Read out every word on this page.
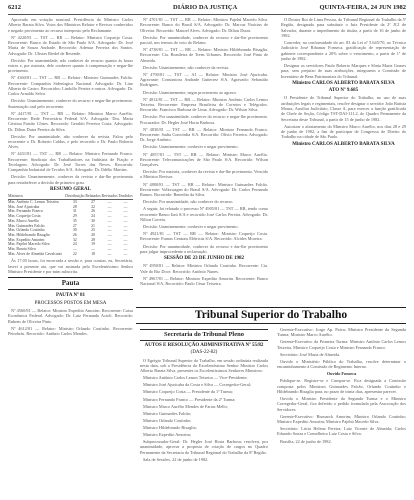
6212	DIÁRIO DA JUSTIÇA	QUINTA-FEIRA, 24 JUN 1982

Aprovado em votação nominal. Presidência do Ministro Carlos Alberto Barata Silva. Votos dos Ministros Relator e Revisor conhecidos e negado provimento ao recurso interposto pelo Reclamante.

Nº 4220/81 — TST — RR — Relator: Ministro Coqueijo Costa. Recorrente: Banco do Estado de São Paulo S/A. Advogado: Dr. José Maria de Souza Andrade. Recorrido: Ademar Ferreira dos Santos. Advogado: Dr. Ulisses Riedel de Resende.

Decisão: Por unanimidade, não conhecer do recurso quanto às horas extras e, por maioria, dele conhecer quanto à compensação e negar-lhe provimento.

Nº 4360/81 — TST — RR — Relator: Ministro Guimarães Falcão. Recorrente: Companhia Siderúrgica Nacional. Advogado: Dr. Lino Alberto de Castro. Recorridos: Lindolfo Pereira e outros. Advogado: Dr. Carlos Arnaldo Selva.

Decisão: Unanimemente, conhecer do recurso e negar-lhe provimento. Sustentação oral pelo recorrente.

Nº 4417/81 — TST — RR — Relator: Ministro Marco Aurélio. Recorrente: Rede Ferroviária Federal S/A. Advogada: Dra. Maria Cristina Paixão Côrtes. Recorrido: Geraldo Ferreira Costa. Advogado: Dr. Dilton Dutra Pereira da Silva.

Decisão: Por unanimidade, não conhecer da revista. Falou pelo recorrente o Dr. Roberto Caldas, e pelo recorrido o Dr. Paulo Roberto Alves.

Nº 4431/81 — TST — RR — Relator: Ministro Fernando Franco. Recorrente: Sindicato dos Trabalhadores na Indústria de Fiação e Tecelagem. Advogado: Dr. José Torres das Neves. Recorrida: Companhia Industrial de Tecidos S/A. Advogado: Dr. Ildélio Martins.

Decisão: Unanimemente, conhecer da revista e dar-lhe provimento para restabelecer a decisão de primeiro grau.

RESUMO GERAL
Ministros	Distribuição	Relatados	Revisados	Tendidos
Min. Antônio C. Lemos Teixeira	33	27	—	—
Min. José Ajuricaba	28	22	—	—
Min. Fernando Franco	31	26	—	—
Min. Coqueijo Costa	29	24	—	—
Min. Marco Aurélio	35	30	—	—
Min. Guimarães Falcão	27	21	—	—
Min. Orlando Coutinho	30	25	—	—
Min. Hildebrando Bisaglia	26	20	—	—
Min. Expedito Amorim	32	28	—	—
Min. Pajehú Macedo Silva	24	19	—	—
Min. Barata Silva	—	—	—	—
Min. Alves de Almeida Cavalcanti	22	18	—	—

Às 17:05 horas, foi encerrada a sessão e, para constar, eu, Secretária, lavrei a presente ata, que vai assinada pelo Excelentíssimo Senhor Ministro Presidente e por mim subscrita.

Pauta
PAUTA Nº 81
PROCESSOS POSTOS EM MESA

Nº 4560/81 — Relator: Ministro Expedito Amorim. Recorrente: Caixa Econômica Federal. Advogado: Dr. Luiz Fernando Acioli. Recorrido: Rubens de Oliveira Pinto.

Nº 4612/81 — Relator: Ministro Orlando Coutinho. Recorrente: Petrobrás. Recorrido: Antônio Carlos Mendes.

Nº 4701/81 — TST — RR — Relator: Ministro Pajehú Macedo Silva. Recorrente: Banco do Brasil S/A. Advogado: Dr. Marcus Vinícius de Oliveira. Recorrido: Manoel Alves. Advogado: Dr. Dilton Dutra.

Decisão: Por unanimidade, conhecer do recurso e dar-lhe provimento parcial, nos termos do voto do Relator.

Nº 4738/81 — TST — RR — Relator: Ministro Hildebrando Bisaglia. Recorrente: Cia. Brasileira de Trens Urbanos. Recorrido: José Pinto de Almeida.

Decisão: Unanimemente, não conhecer da revista.

Nº 4790/81 — TST — AI — Relator: Ministro José Ajuricaba. Agravante: Construtora Andrade Gutierrez S/A. Agravado: Sebastião Rodrigues.

Decisão: Unanimemente, negar provimento ao agravo.

Nº 4812/81 — TST — RR — Relator: Ministro Antônio Carlos Lemos Teixeira. Recorrente: Empresa Brasileira de Correios e Telégrafos. Recorrido: Francisco Barbosa de Lima. Advogado: Dr. Wilson Silva.

Decisão: Por unanimidade, conhecer do recurso e negar-lhe provimento. Procurador: Dr. Hegler José Horta Barbosa.

Nº 4830/81 — TST — RR — Relator: Ministro Fernando Franco. Recorrente: Sadia Concórdia S/A. Recorrido: Olívio Ferreira. Advogado: Dr. Jorge Antônio.

Decisão: Unanimemente, conhecer e negar provimento.

Nº 4857/81 — TST — RR — Relator: Ministro Marco Aurélio. Recorrente: Telecomunicações de São Paulo S/A. Recorrido: Wilson Gonçalves.

Decisão: Por maioria, conhecer da revista e dar-lhe provimento. Vencido o Ministro Revisor.

Nº 4880/81 — TST — RR — Relator: Ministro Guimarães Falcão. Recorrente: Volkswagen do Brasil S/A. Advogado: Dr. Carlos Fernando Ramos. Recorrido: Benedito da Silva.

Decisão: Por unanimidade, não conhecer do recurso.

A seguir, foi relatado o processo Nº 4905/81 — TST — RR, tendo como recorrente Banco Itaú S/A e recorrido José Carlos Pereira. Advogado: Dr. Nilton Correia.

Decisão: Unanimemente, conhecer e negar provimento.

Nº 4921/81 — TST — RR — Relator: Ministro Coqueijo Costa. Recorrente: Furnas Centrais Elétricas S/A. Recorrido: Alcides Moreira.

Decisão: Por unanimidade, conhecer do recurso e dar-lhe provimento para julgar improcedente a reclamação.

SESSÃO DE 23 DE JUNHO DE 1982

Nº 4950/81 — Relator: Ministro Orlando Coutinho. Recorrente: Cia. Vale do Rio Doce. Recorrido: Antônio Nunes.

Nº 4967/81 — Relator: Ministro Expedito Amorim. Recorrente: Banco Nacional S/A. Recorrido: Paulo César Teixeira.

Tribunal Superior do Trabalho
Secretaria do Tribunal Pleno
AUTOS E RESOLUÇÃO ADMINISTRATIVA Nº 55/82
(DAS-22-82)

O Egrégio Tribunal Superior do Trabalho, em sessão ordinária realizada nesta data, sob a Presidência do Excelentíssimo Senhor Ministro Carlos Alberto Barata Silva, presentes os Excelentíssimos Senhores Ministros:

Ministro Antônio Carlos Lemos Teixeira — Vice-Presidente;

Ministro José Ajuricaba da Costa e Silva — Corregedor-Geral;

Ministro Coqueijo Costa — Presidente da 1ª Turma;

Ministro Fernando Franco — Presidente da 2ª Turma;

Ministro Marco Aurélio Mendes de Farias Mello;

Ministro Guimarães Falcão;

Ministro Orlando Coutinho;

Ministro Hildebrando Bisaglia;

Ministro Expedito Amorim;

Subprocurador-Geral: Dr. Hegler José Horta Barbosa; resolveu, por unanimidade, aprovar a proposta de criação de cargos no Quadro Permanente da Secretaria do Tribunal Regional do Trabalho da 8ª Região.

Sala de Sessões, 22 de junho de 1982.

Gerente-Executivo: Jorge Ap. Paiva; Ministro Presidente da Segunda Turma; Ministro Marco Aurélio.

Gerente-Executivo da Primeira Turma: Ministro Antônio Carlos Lemos Teixeira, Ministro Coqueijo Costa e Ministro Fernando Franco.

Secretário: José Maria de Almeida.

Ouvido o Ministério Público do Trabalho, resolve determinar o encaminhamento à Comissão de Regimento Interno.

Ouvido Fonseca

Publique-se. Registre-se e Cumpra-se. Fica designada a Comissão composta pelos Ministros Guimarães Falcão, Orlando Coutinho e Hildebrando Bisaglia para, no prazo de trinta dias, apresentar parecer.

Ouvido o Ministro Presidente da Segunda Turma e o Ministro Corregedor-Geral, fica deferido o pedido formulado pela Associação dos Servidores.

Gerente-Executivo: Bismarck Amorim; Ministro Orlando Coutinho; Ministro Expedito Amorim; Ministro Pajehú Macedo Silva.

Secretário: Lúcia Helena Pereira; Luiz Vicente de Almeida; Carlos Eduardo Souza e Conselheiro Luiz Costa e Silva.

Brasília, 22 de junho de 1982.

O Doutor Rui de Lima Pessoa, do Tribunal Regional do Trabalho da 5ª Região, designado para substituir o Juiz Presidente da 2ª JCJ de Salvador, durante o impedimento do titular, a partir de 16 de junho de 1982.

Conceder, na conformidade do art. 83 da Lei nº 5.645/70, ao Técnico Judiciário José Ribamar Fonseca, gratificação de representação de gabinete correspondente a 20% sobre o vencimento, a partir de 1º de junho de 1982.

Designar os servidores Paulo Roberto Marques e Sônia Maria Gomes para, sem prejuízo de suas atribuições, integrarem a Comissão de Inventário de Bens Patrimoniais do Tribunal.

Ministro CARLOS ALBERTO BARATA SILVA
ATO Nº 9.685

O Presidente do Tribunal Superior do Trabalho, no uso de suas atribuições legais e regimentais, resolve designar o servidor João Batista Moura, Auxiliar Judiciário, Classe A, para exercer a função gratificada de Chefe de Seção, Código TST-DAI-111.2, do Quadro Permanente da Secretaria deste Tribunal, a partir de 15 de junho de 1982.

Autorizar o afastamento do Ministro Marco Aurélio, nos dias 28 e 29 de junho de 1982, a fim de participar de Congresso de Direito do Trabalho na cidade de São Paulo.

Ministro CARLOS ALBERTO BARATA SILVA
